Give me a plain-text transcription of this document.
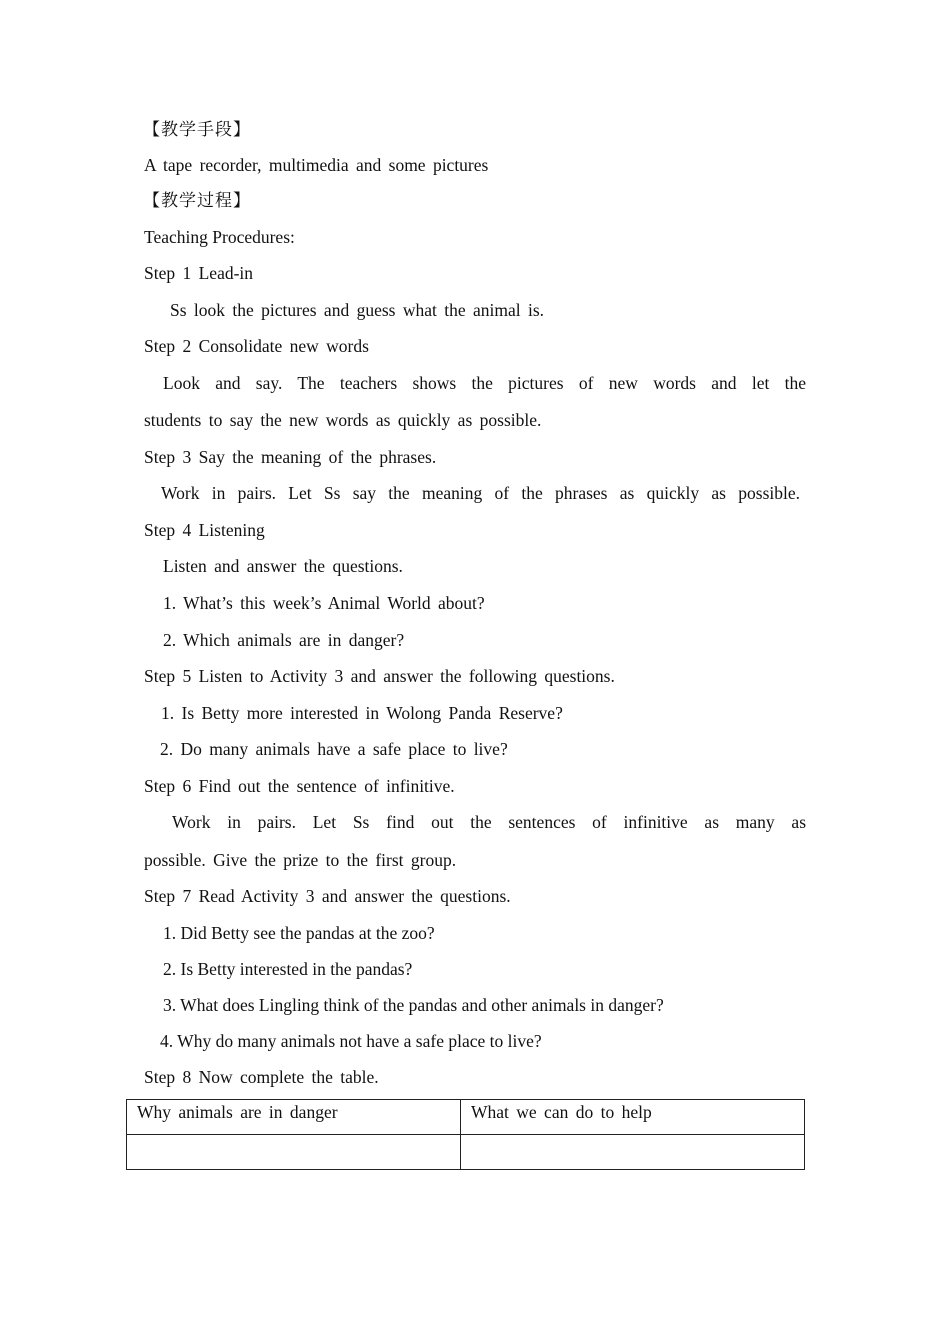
【教学手段】
A tape recorder, multimedia and some pictures
【教学过程】
Teaching Procedures:
Step 1 Lead-in
Ss look the pictures and guess what the animal is.
Step 2 Consolidate new words
Look and say. The teachers shows the pictures of new words and let the
students to say the new words as quickly as possible.
Step 3 Say the meaning of the phrases.
Work in pairs. Let Ss say the meaning of the phrases as quickly as possible.
Step 4 Listening
Listen and answer the questions.
1. What’s this week’s Animal World about?
2. Which animals are in danger?
Step 5 Listen to Activity 3 and answer the following questions.
1. Is Betty more interested in Wolong Panda Reserve?
2. Do many animals have a safe place to live?
Step 6 Find out the sentence of infinitive.
Work in pairs. Let Ss find out the sentences of infinitive as many as
possible. Give the prize to the first group.
Step 7 Read Activity 3 and answer the questions.
1. Did Betty see the pandas at the zoo?
2. Is Betty interested in the pandas?
3. What does Lingling think of the pandas and other animals in danger?
4. Why do many animals not have a safe place to live?
Step 8 Now complete the table.
Why animals are in danger	What we can do to help
